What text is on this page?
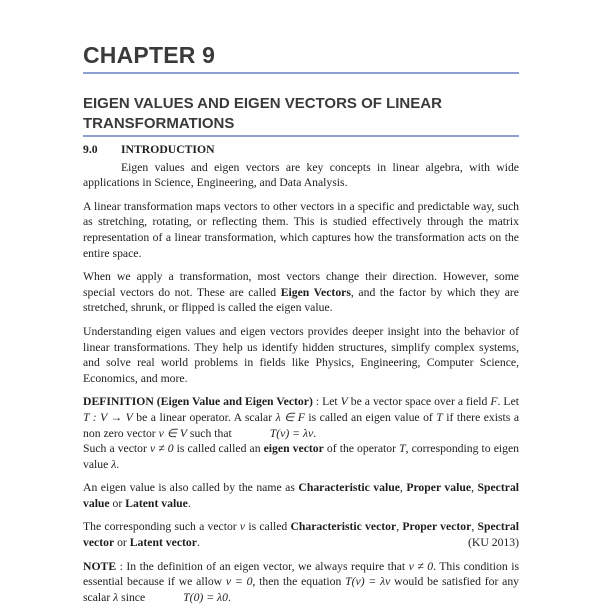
CHAPTER 9
EIGEN VALUES AND EIGEN VECTORS OF LINEAR TRANSFORMATIONS
9.0 INTRODUCTION

Eigen values and eigen vectors are key concepts in linear algebra, with wide applications in Science, Engineering, and Data Analysis.

A linear transformation maps vectors to other vectors in a specific and predictable way, such as stretching, rotating, or reflecting them. This is studied effectively through the matrix representation of a linear transformation, which captures how the transformation acts on the entire space.

When we apply a transformation, most vectors change their direction. However, some special vectors do not. These are called Eigen Vectors, and the factor by which they are stretched, shrunk, or flipped is called the eigen value.

Understanding eigen values and eigen vectors provides deeper insight into the behavior of linear transformations. They help us identify hidden structures, simplify complex systems, and solve real world problems in fields like Physics, Engineering, Computer Science, Economics, and more.

DEFINITION (Eigen Value and Eigen Vector) : Let V be a vector space over a field F. Let T : V → V be a linear operator. A scalar λ ∈ F is called an eigen value of T if there exists a non zero vector v ∈ V such that	T(v) = λv.

Such a vector v ≠ 0 is called called an eigen vector of the operator T, corresponding to eigen value λ.

An eigen value is also called by the name as Characteristic value, Proper value, Spectral value or Latent value.

The corresponding such a vector v is called Characteristic vector, Proper vector, Spectral vector or Latent vector.	(KU 2013)

NOTE : In the definition of an eigen vector, we always require that v ≠ 0. This condition is essential because if we allow v = 0, then the equation T(v) = λv would be satisfied for any scalar λ since	T(0) = λ0.
